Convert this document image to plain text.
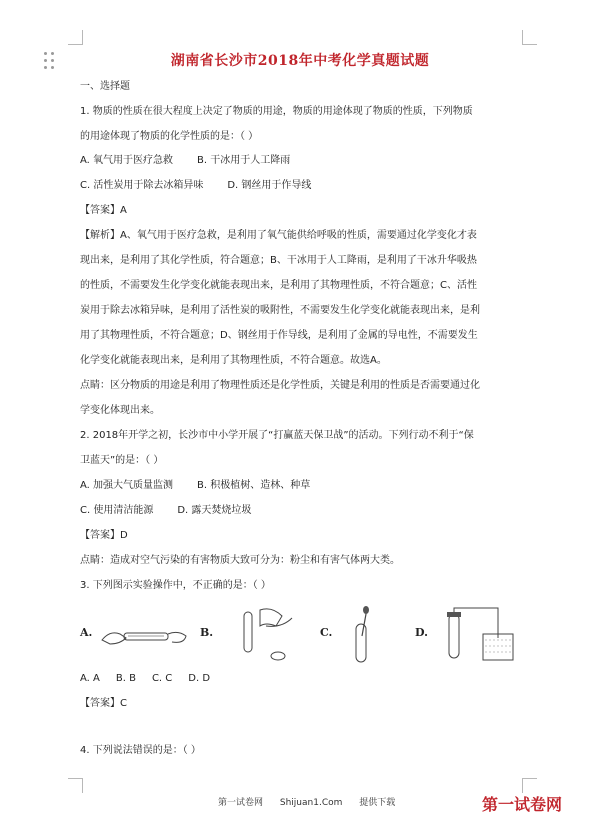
湖南省长沙市2018年中考化学真题试题
一、选择题
1. 物质的性质在很大程度上决定了物质的用途，物质的用途体现了物质的性质，下列物质
的用途体现了物质的化学性质的是：（ ）
A. 氧气用于医疗急救 B. 干冰用于人工降雨
C. 活性炭用于除去冰箱异味 D. 钢丝用于作导线
【答案】A
【解析】A、氧气用于医疗急救，是利用了氧气能供给呼吸的性质，需要通过化学变化才表
现出来，是利用了其化学性质，符合题意；B、干冰用于人工降雨，是利用了干冰升华吸热
的性质，不需要发生化学变化就能表现出来，是利用了其物理性质，不符合题意；C、活性
炭用于除去冰箱异味，是利用了活性炭的吸附性，不需要发生化学变化就能表现出来，是利
用了其物理性质，不符合题意；D、钢丝用于作导线，是利用了金属的导电性，不需要发生
化学变化就能表现出来，是利用了其物理性质，不符合题意。故选A。
点睛：区分物质的用途是利用了物理性质还是化学性质，关键是利用的性质是否需要通过化
学变化体现出来。
2. 2018年开学之初，长沙市中小学开展了“打赢蓝天保卫战”的活动。下列行动不利于“保
卫蓝天”的是：（ ）
A. 加强大气质量监测 B. 积极植树、造林、种草
C. 使用清洁能源 D. 露天焚烧垃圾
【答案】D
点睛：造成对空气污染的有害物质大致可分为：粉尘和有害气体两大类。
3. 下列图示实验操作中，不正确的是：（ ）
A.	B.	C.	D.
A. A B. B C. C D. D
【答案】C
4. 下列说法错误的是：（ ）
第一试卷网 Shijuan1.Com 提供下载	第一试卷网
